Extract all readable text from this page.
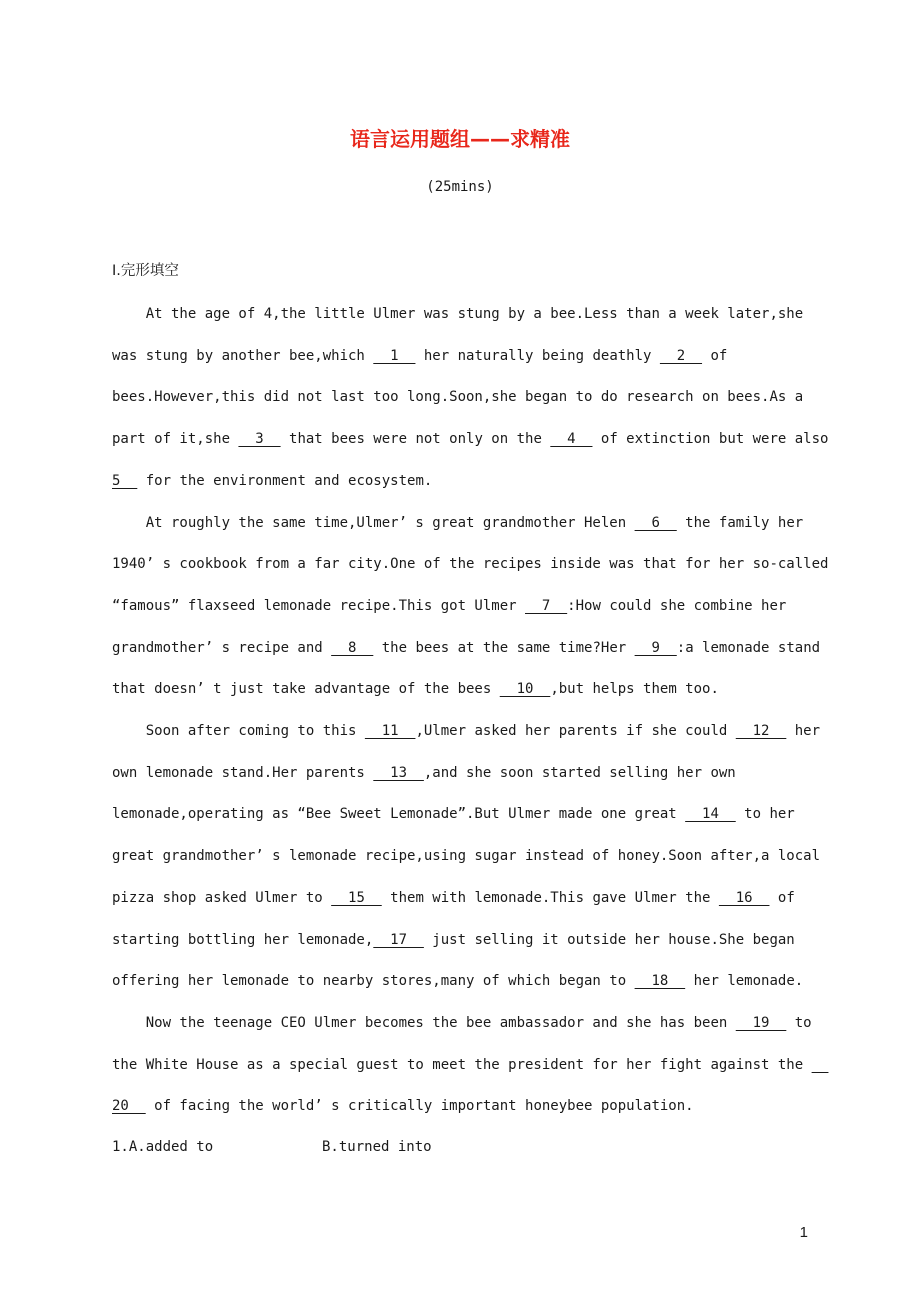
语言运用题组——求精准
(25mins)
Ⅰ.完形填空
At the age of 4,the little Ulmer was stung by a bee.Less than a week later,she
was stung by another bee,which   1   her naturally being deathly   2   of
bees.However,this did not last too long.Soon,she began to do research on bees.As a
part of it,she   3   that bees were not only on the   4   of extinction but were also
5   for the environment and ecosystem.
At roughly the same time,Ulmer’ s great grandmother Helen   6   the family her
1940’ s cookbook from a far city.One of the recipes inside was that for her so-called
“famous” flaxseed lemonade recipe.This got Ulmer   7  :How could she combine her
grandmother’ s recipe and   8   the bees at the same time?Her   9  :a lemonade stand
that doesn’ t just take advantage of the bees   10  ,but helps them too.
Soon after coming to this   11  ,Ulmer asked her parents if she could   12   her
own lemonade stand.Her parents   13  ,and she soon started selling her own
lemonade,operating as “Bee Sweet Lemonade”.But Ulmer made one great   14   to her
great grandmother’ s lemonade recipe,using sugar instead of honey.Soon after,a local
pizza shop asked Ulmer to   15   them with lemonade.This gave Ulmer the   16   of
starting bottling her lemonade,  17   just selling it outside her house.She began
offering her lemonade to nearby stores,many of which began to   18   her lemonade.
Now the teenage CEO Ulmer becomes the bee ambassador and she has been   19   to
the White House as a special guest to meet the president for her fight against the
20   of facing the world’ s critically important honeybee population.
1.A.added to	B.turned into
1
